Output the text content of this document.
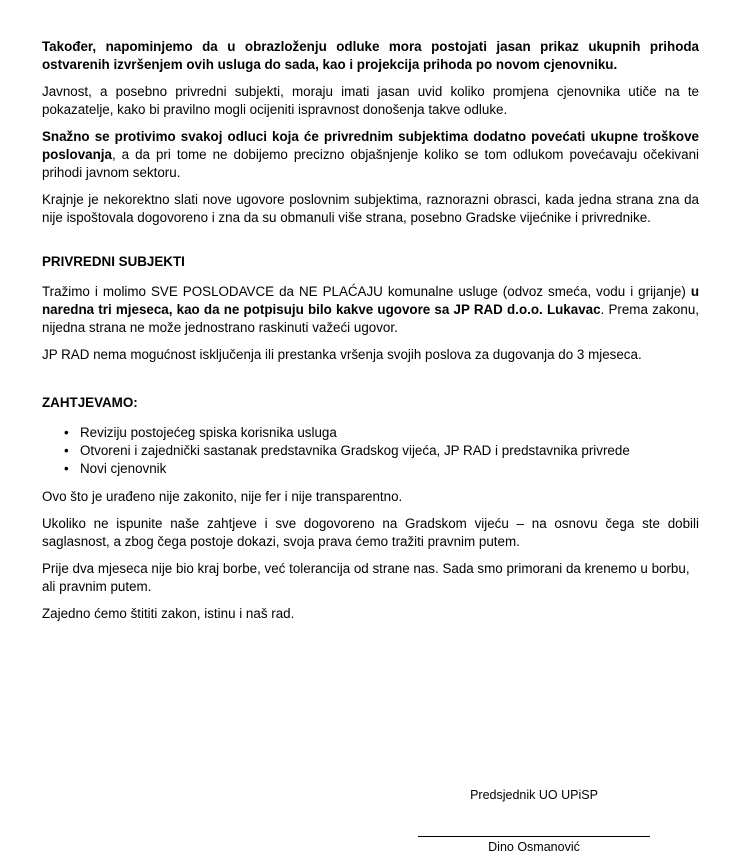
Također, napominjemo da u obrazloženju odluke mora postojati jasan prikaz ukupnih prihoda ostvarenih izvršenjem ovih usluga do sada, kao i projekcija prihoda po novom cjenovniku.

Javnost, a posebno privredni subjekti, moraju imati jasan uvid koliko promjena cjenovnika utiče na te pokazatelje, kako bi pravilno mogli ocijeniti ispravnost donošenja takve odluke.

Snažno se protivimo svakoj odluci koja će privrednim subjektima dodatno povećati ukupne troškove poslovanja, a da pri tome ne dobijemo precizno objašnjenje koliko se tom odlukom povećavaju očekivani prihodi javnom sektoru.

Krajnje je nekorektno slati nove ugovore poslovnim subjektima, raznorazni obrasci, kada jedna strana zna da nije ispoštovala dogovoreno i zna da su obmanuli više strana, posebno Gradske vijećnike i privrednike.

PRIVREDNI SUBJEKTI

Tražimo i molimo SVE POSLODAVCE da NE PLAĆAJU komunalne usluge (odvoz smeća, vodu i grijanje) u naredna tri mjeseca, kao da ne potpisuju bilo kakve ugovore sa JP RAD d.o.o. Lukavac. Prema zakonu, nijedna strana ne može jednostrano raskinuti važeći ugovor.

JP RAD nema mogućnost isključenja ili prestanka vršenja svojih poslova za dugovanja do 3 mjeseca.

ZAHTJEVAMO:
• Reviziju postojećeg spiska korisnika usluga
• Otvoreni i zajednički sastanak predstavnika Gradskog vijeća, JP RAD i predstavnika privrede
• Novi cjenovnik

Ovo što je urađeno nije zakonito, nije fer i nije transparentno.

Ukoliko ne ispunite naše zahtjeve i sve dogovoreno na Gradskom vijeću – na osnovu čega ste dobili saglasnost, a zbog čega postoje dokazi, svoja prava ćemo tražiti pravnim putem.

Prije dva mjeseca nije bio kraj borbe, već tolerancija od strane nas. Sada smo primorani da krenemo u borbu, ali pravnim putem.

Zajedno ćemo štititi zakon, istinu i naš rad.

Predsjednik UO UPiSP
Dino Osmanović
